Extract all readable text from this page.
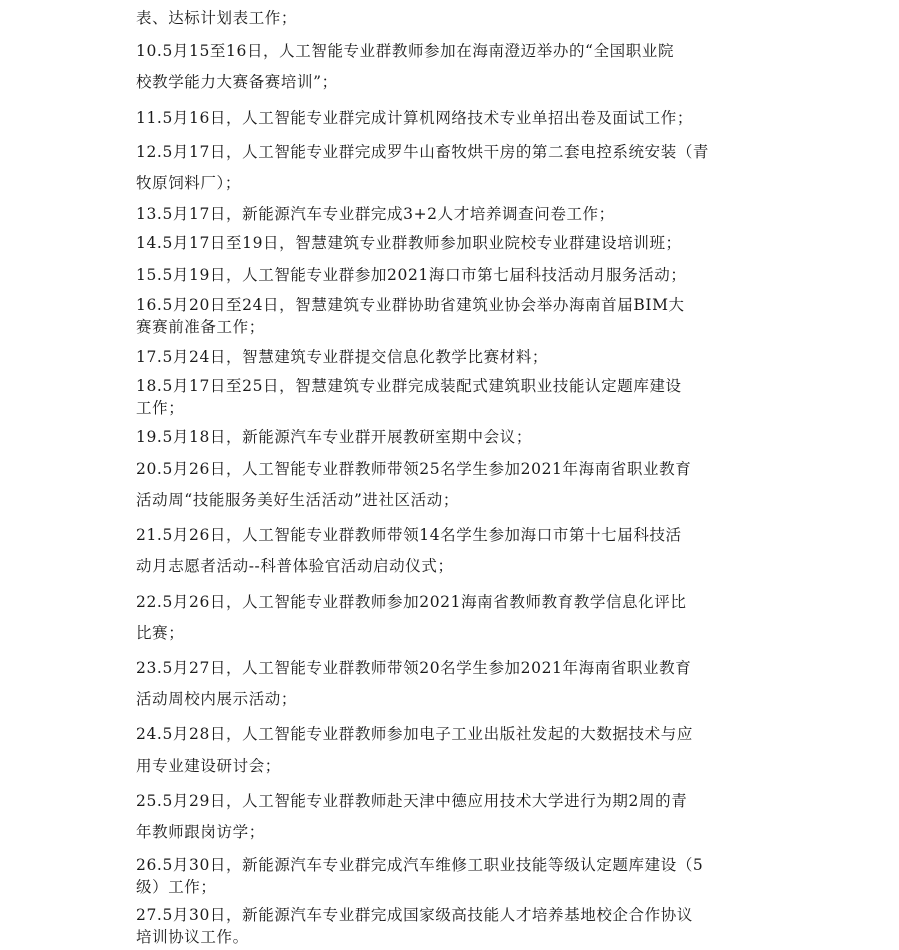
表、达标计划表工作；
10.5月15至16日，人工智能专业群教师参加在海南澄迈举办的“全国职业院
校教学能力大赛备赛培训”；
11.5月16日，人工智能专业群完成计算机网络技术专业单招出卷及面试工作；
12.5月17日，人工智能专业群完成罗牛山畜牧烘干房的第二套电控系统安装（青
牧原饲料厂）；
13.5月17日，新能源汽车专业群完成3+2人才培养调查问卷工作；
14.5月17日至19日，智慧建筑专业群教师参加职业院校专业群建设培训班；
15.5月19日，人工智能专业群参加2021海口市第七届科技活动月服务活动；
16.5月20日至24日，智慧建筑专业群协助省建筑业协会举办海南首届BIM大
赛赛前准备工作；
17.5月24日，智慧建筑专业群提交信息化教学比赛材料；
18.5月17日至25日，智慧建筑专业群完成装配式建筑职业技能认定题库建设
工作；
19.5月18日，新能源汽车专业群开展教研室期中会议；
20.5月26日，人工智能专业群教师带领25名学生参加2021年海南省职业教育
活动周“技能服务美好生活活动”进社区活动；
21.5月26日，人工智能专业群教师带领14名学生参加海口市第十七届科技活
动月志愿者活动--科普体验官活动启动仪式；
22.5月26日，人工智能专业群教师参加2021海南省教师教育教学信息化评比
比赛；
23.5月27日，人工智能专业群教师带领20名学生参加2021年海南省职业教育
活动周校内展示活动；
24.5月28日，人工智能专业群教师参加电子工业出版社发起的大数据技术与应
用专业建设研讨会；
25.5月29日，人工智能专业群教师赴天津中德应用技术大学进行为期2周的青
年教师跟岗访学；
26.5月30日，新能源汽车专业群完成汽车维修工职业技能等级认定题库建设（5
级）工作；
27.5月30日，新能源汽车专业群完成国家级高技能人才培养基地校企合作协议
培训协议工作。
